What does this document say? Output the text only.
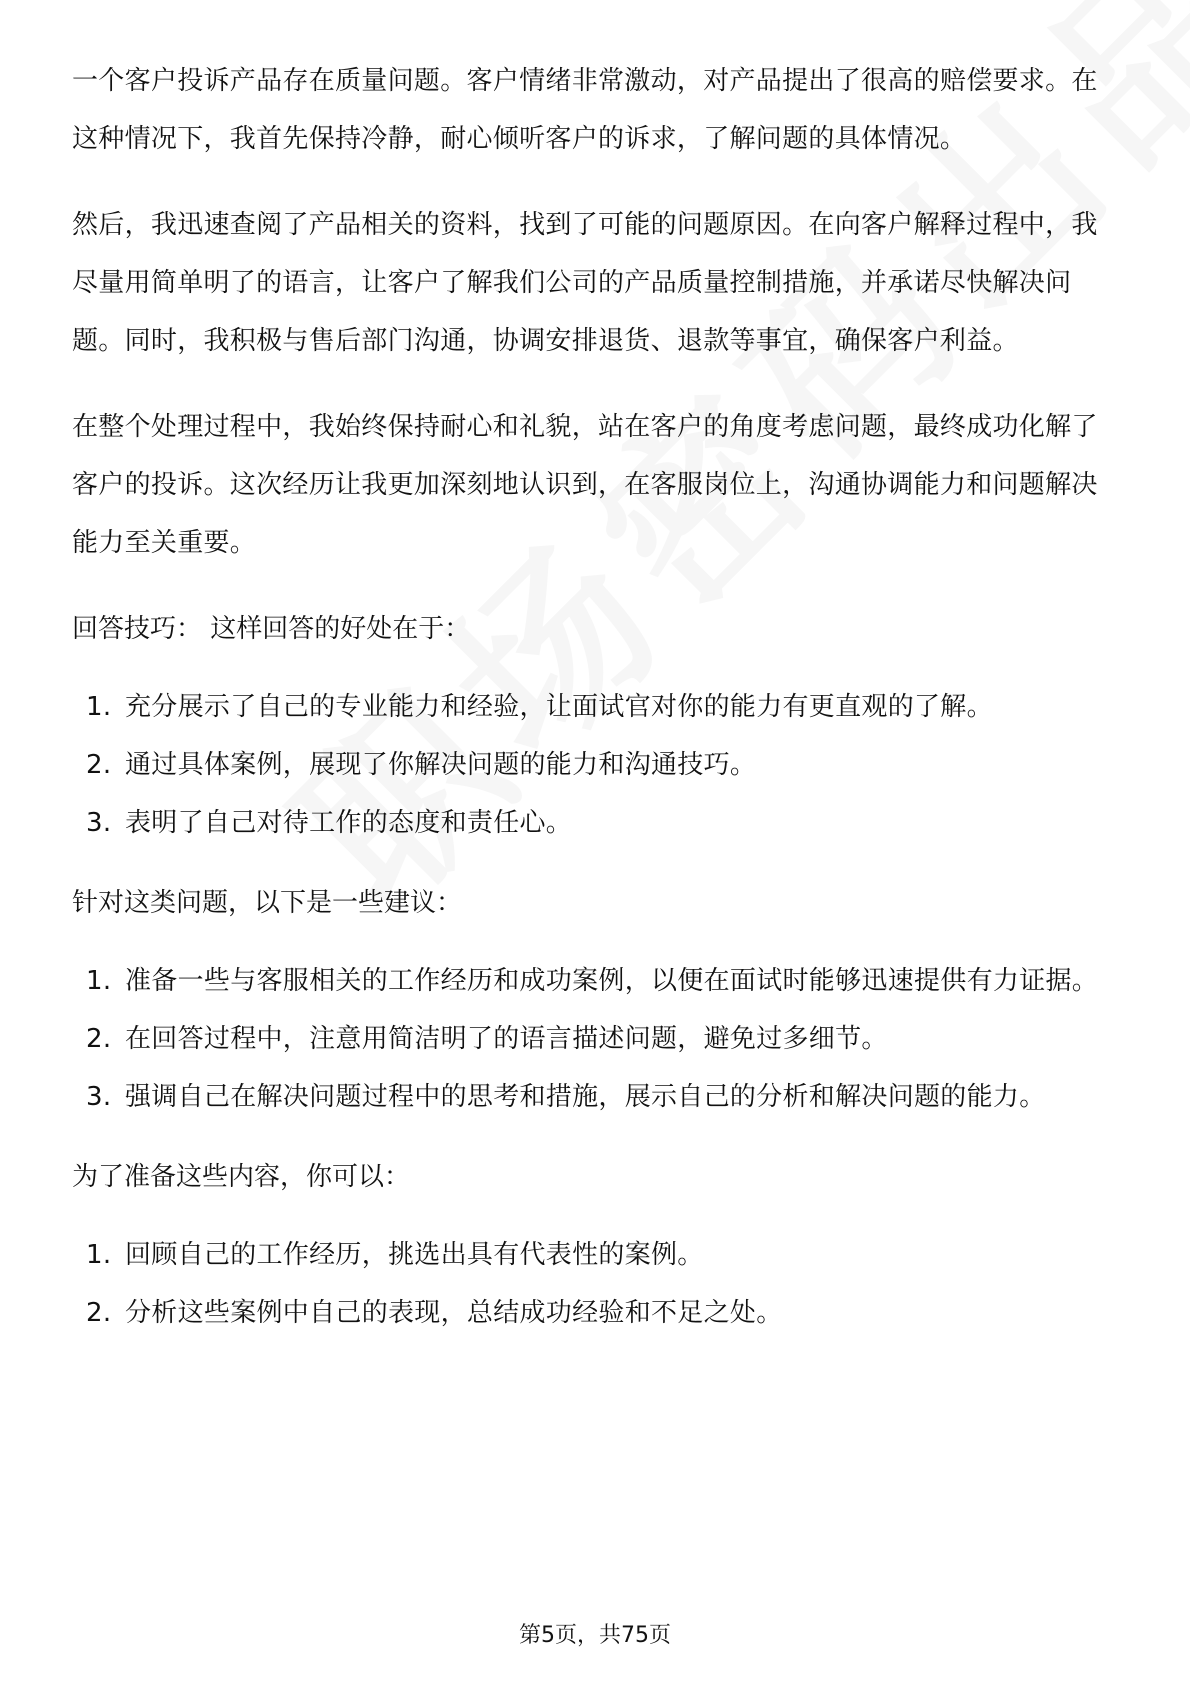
一个客户投诉产品存在质量问题。客户情绪非常激动，对产品提出了很高的赔偿要求。在这种情况下，我首先保持冷静，耐心倾听客户的诉求，了解问题的具体情况。

然后，我迅速查阅了产品相关的资料，找到了可能的问题原因。在向客户解释过程中，我尽量用简单明了的语言，让客户了解我们公司的产品质量控制措施，并承诺尽快解决问题。同时，我积极与售后部门沟通，协调安排退货、退款等事宜，确保客户利益。

在整个处理过程中，我始终保持耐心和礼貌，站在客户的角度考虑问题，最终成功化解了客户的投诉。这次经历让我更加深刻地认识到，在客服岗位上，沟通协调能力和问题解决能力至关重要。

回答技巧： 这样回答的好处在于：

1. 充分展示了自己的专业能力和经验，让面试官对你的能力有更直观的了解。
2. 通过具体案例，展现了你解决问题的能力和沟通技巧。
3. 表明了自己对待工作的态度和责任心。

针对这类问题，以下是一些建议：

1. 准备一些与客服相关的工作经历和成功案例，以便在面试时能够迅速提供有力证据。
2. 在回答过程中，注意用简洁明了的语言描述问题，避免过多细节。
3. 强调自己在解决问题过程中的思考和措施，展示自己的分析和解决问题的能力。

为了准备这些内容，你可以：

1. 回顾自己的工作经历，挑选出具有代表性的案例。
2. 分析这些案例中自己的表现，总结成功经验和不足之处。
第5页，共75页
